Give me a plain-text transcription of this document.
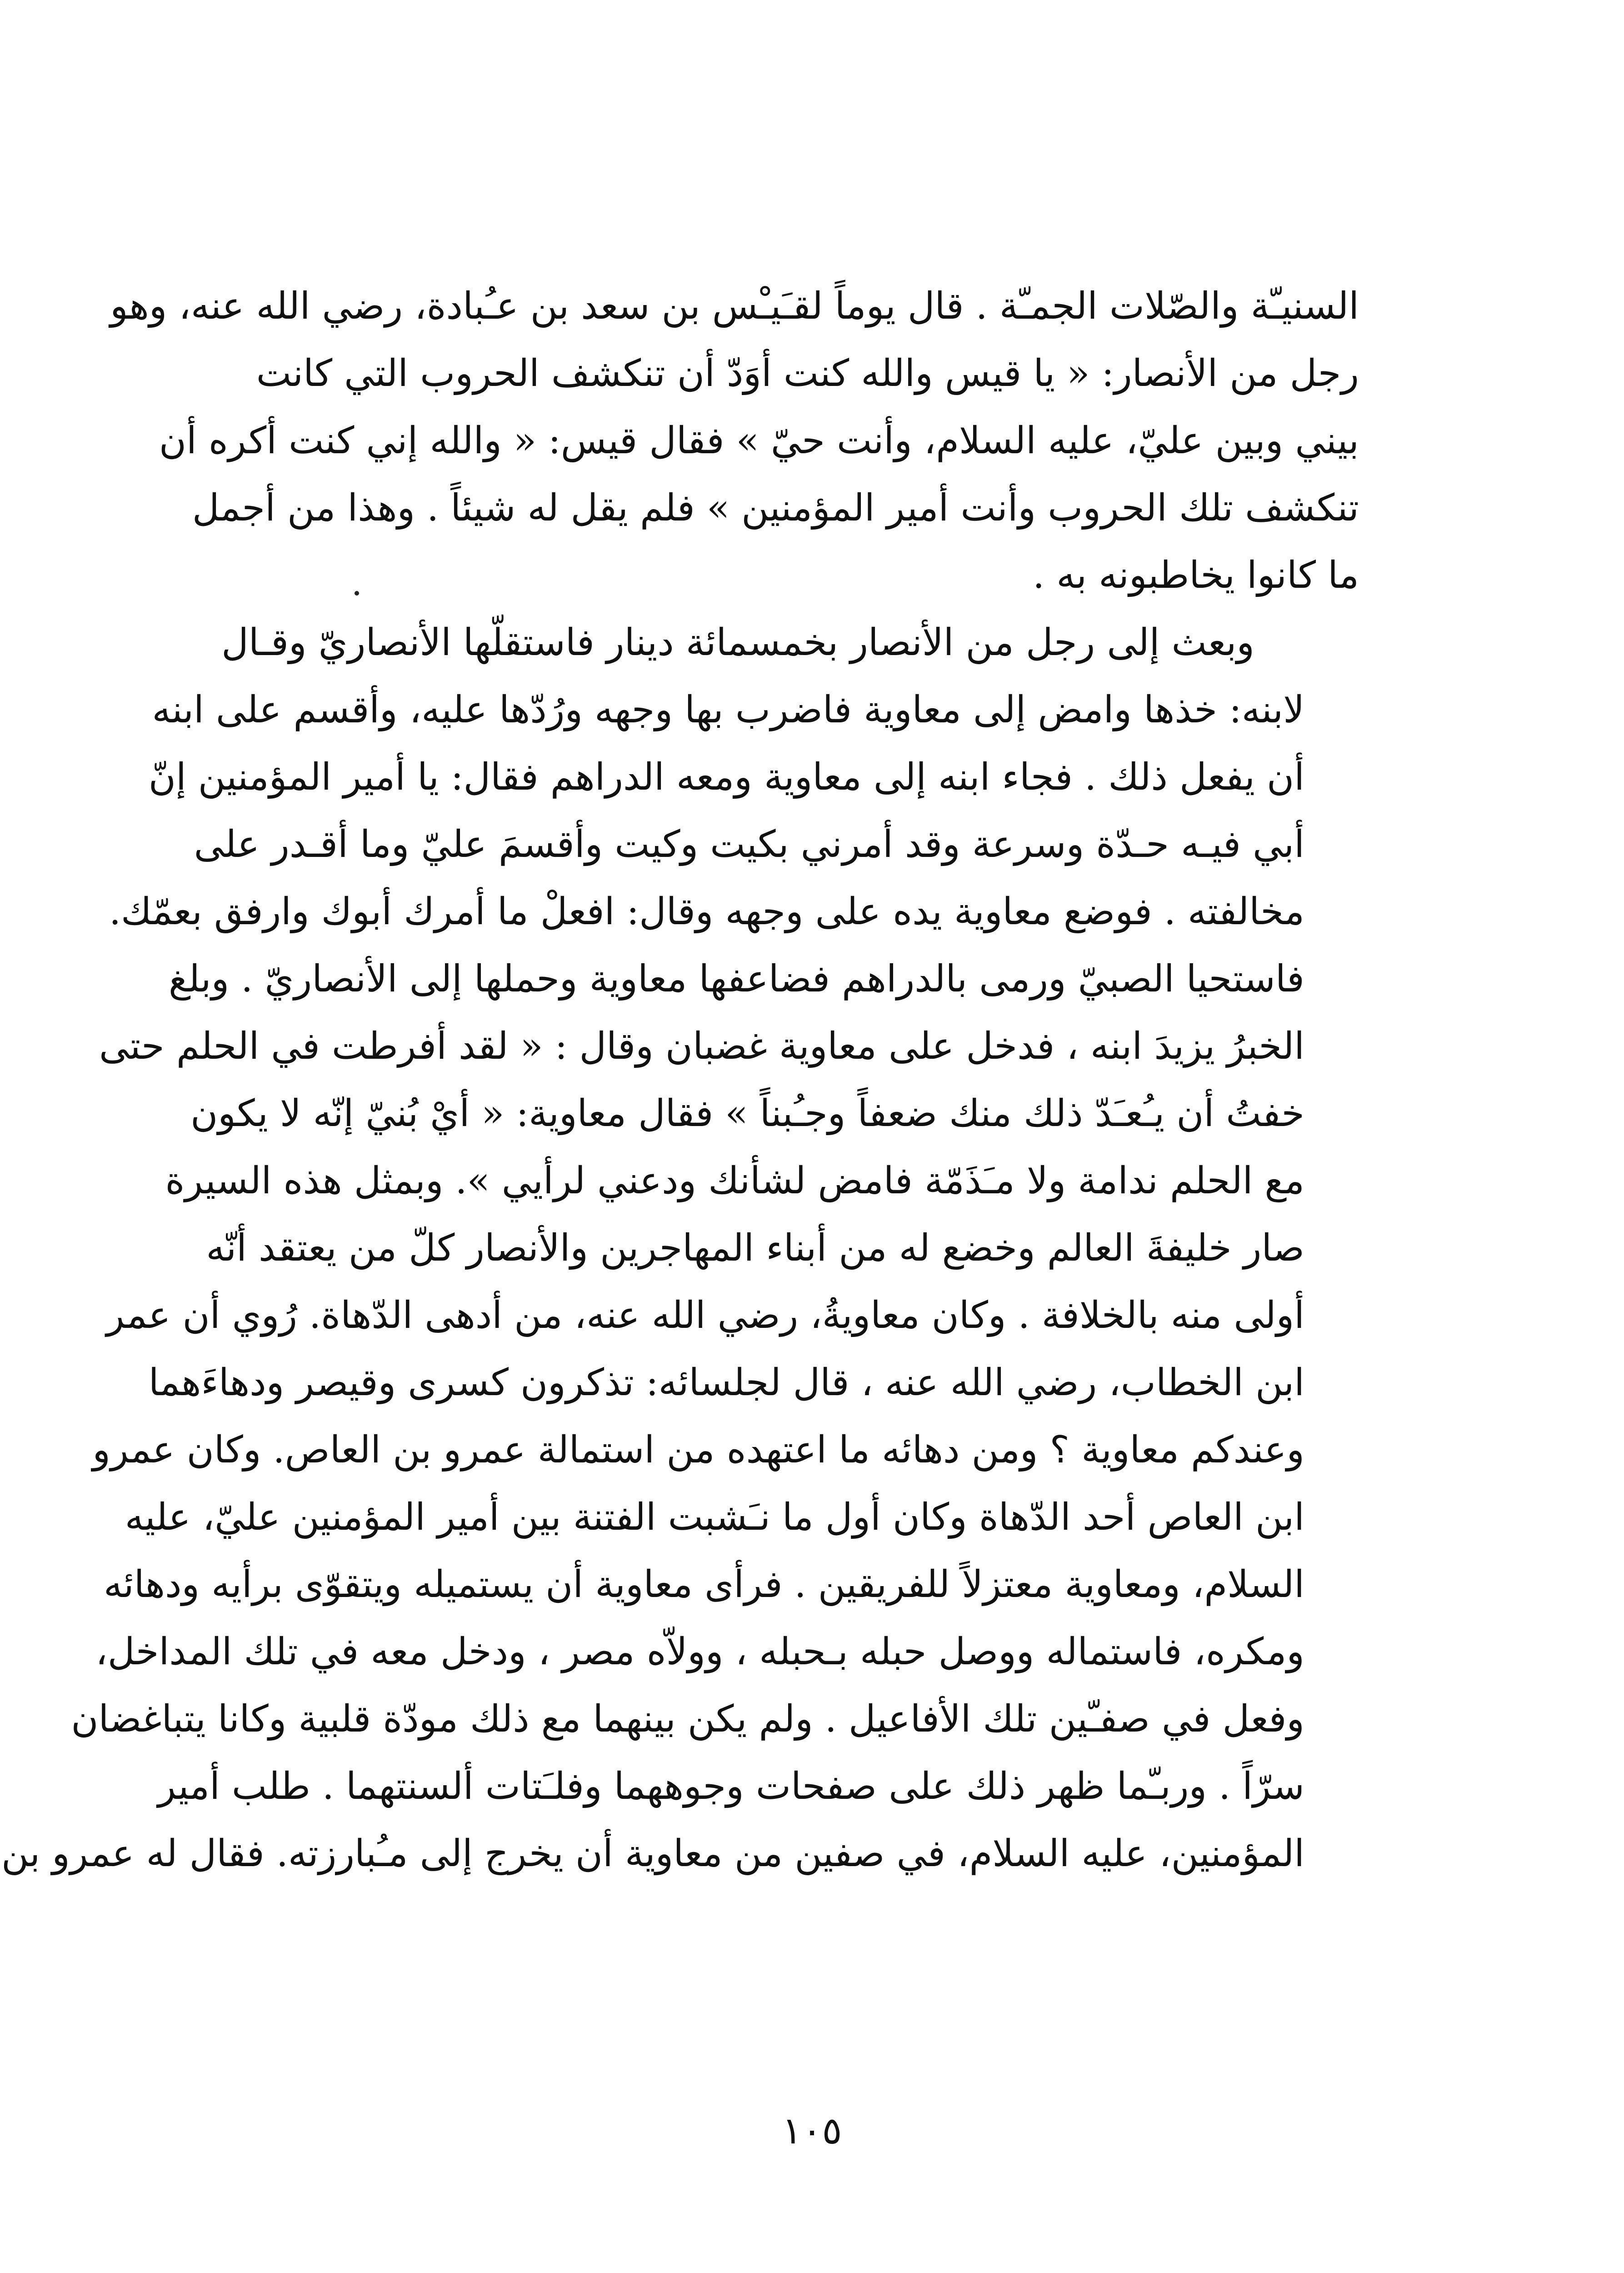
السنيـّة والصّلات الجمـّة . قال يوماً لقـَيـْس بن سعد بن عـُبادة، رضي الله عنه، وهو
رجل من الأنصار: « يا قيس والله كنت أوَدّ أن تنكشف الحروب التي كانت
بيني وبين عليّ، عليه السلام، وأنت حيّ » فقال قيس: « والله إني كنت أكره أن
تنكشف تلك الحروب وأنت أمير المؤمنين » فلم يقل له شيئاً . وهذا من أجمل
ما كانوا يخاطبونه به .

وبعث إلى رجل من الأنصار بخمسمائة دينار فاستقلّها الأنصاريّ وقـال
لابنه: خذها وامض إلى معاوية فاضرب بها وجهه ورُدّها عليه، وأقسم على ابنه
أن يفعل ذلك . فجاء ابنه إلى معاوية ومعه الدراهم فقال: يا أمير المؤمنين إنّ
أبي فيـه حـدّة وسرعة وقد أمرني بكيت وكيت وأقسمَ عليّ وما أقـدر على
مخالفته . فوضع معاوية يده على وجهه وقال: افعلْ ما أمرك أبوك وارفق بعمّك.
فاستحيا الصبيّ ورمى بالدراهم فضاعفها معاوية وحملها إلى الأنصاريّ . وبلغ
الخبرُ يزيدَ ابنه ، فدخل على معاوية غضبان وقال : « لقد أفرطت في الحلم حتى
خفتُ أن يـُعـَدّ ذلك منك ضعفاً وجـُبناً » فقال معاوية: « أيْ بُنيّ إنّه لا يكون
مع الحلم ندامة ولا مـَذَمّة فامض لشأنك ودعني لرأيي ». وبمثل هذه السيرة
صار خليفةَ العالم وخضع له من أبناء المهاجرين والأنصار كلّ من يعتقد أنّه
أولى منه بالخلافة . وكان معاويةُ، رضي الله عنه، من أدهى الدّهاة. رُوي أن عمر
ابن الخطاب، رضي الله عنه ، قال لجلسائه: تذكرون كسرى وقيصر ودهاءَهما
وعندكم معاوية ؟ ومن دهائه ما اعتهده من استمالة عمرو بن العاص. وكان عمرو
ابن العاص أحد الدّهاة وكان أول ما نـَشبت الفتنة بين أمير المؤمنين عليّ، عليه
السلام، ومعاوية معتزلاً للفريقين . فرأى معاوية أن يستميله ويتقوّى برأيه ودهائه
ومكره، فاستماله ووصل حبله بـحبله ، وولاّه مصر ، ودخل معه في تلك المداخل،
وفعل في صفـّين تلك الأفاعيل . ولم يكن بينهما مع ذلك مودّة قلبية وكانا يتباغضان
سرّاً . وربـّما ظهر ذلك على صفحات وجوههما وفلـَتات ألسنتهما . طلب أمير
المؤمنين، عليه السلام، في صفين من معاوية أن يخرج إلى مـُبارزته. فقال له عمرو بن

١٠٥
